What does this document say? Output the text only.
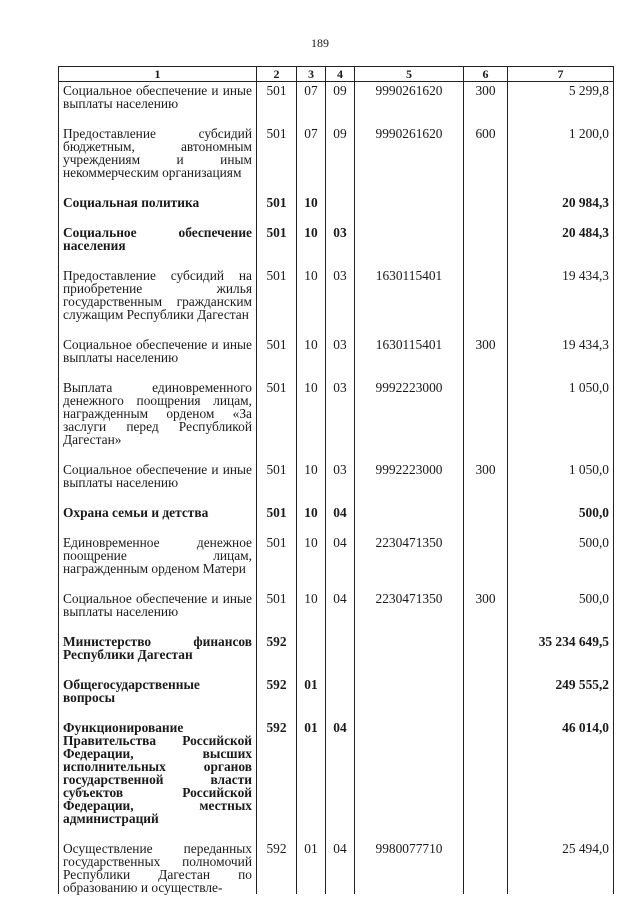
189
1	2	3	4	5	6	7
Социальное обеспечение и иные выплаты населению	501	07	09	9990261620	300	5 299,8

Предоставление субсидий бюджетным, автономным учреждениям и иным некоммерческим организациям	501	07	09	9990261620	600	1 200,0

Социальная политика	501	10				20 984,3

Социальное обеспечение населения	501	10	03			20 484,3

Предоставление субсидий на приобретение жилья государственным гражданским служащим Республики Дагестан	501	10	03	1630115401		19 434,3

Социальное обеспечение и иные выплаты населению	501	10	03	1630115401	300	19 434,3

Выплата единовременного денежного поощрения лицам, награжденным орденом «За заслуги перед Республикой Дагестан»	501	10	03	9992223000		1 050,0

Социальное обеспечение и иные выплаты населению	501	10	03	9992223000	300	1 050,0

Охрана семьи и детства	501	10	04			500,0

Единовременное денежное поощрение лицам, награжденным орденом Матери	501	10	04	2230471350		500,0

Социальное обеспечение и иные выплаты населению	501	10	04	2230471350	300	500,0

Министерство финансов Республики Дагестан	592					35 234 649,5

Общегосударственные вопросы	592	01				249 555,2

Функционирование Правительства Российской Федерации, высших исполнительных органов государственной власти субъектов Российской Федерации, местных администраций	592	01	04			46 014,0

Осуществление переданных государственных полномочий Республики Дагестан по образованию и осуществле-	592	01	04	9980077710		25 494,0
